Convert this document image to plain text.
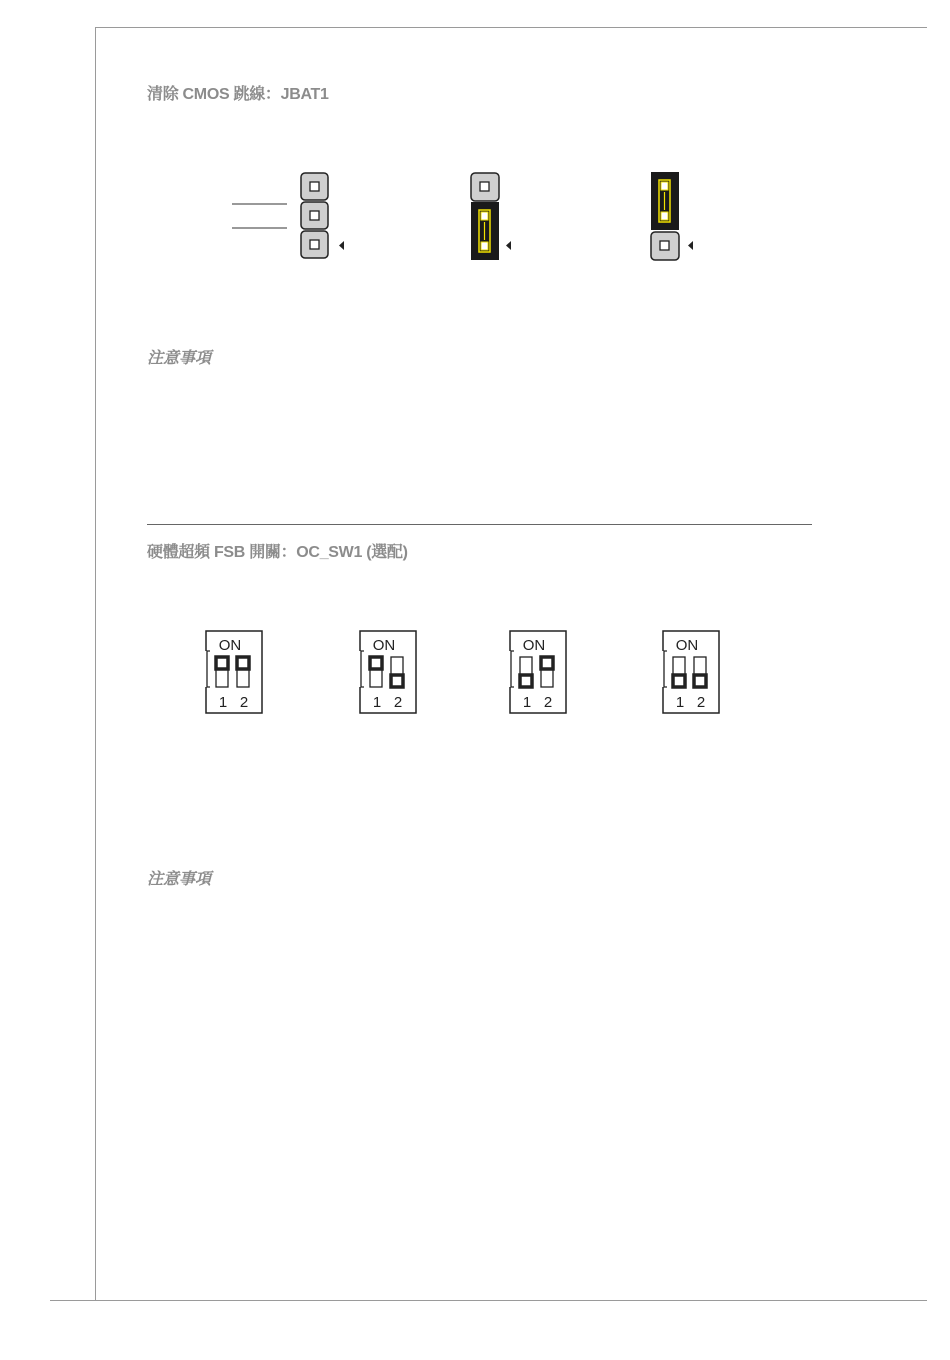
清除 CMOS 跳線：JBAT1
注意事項
硬體超頻 FSB 開關：OC_SW1 (選配)
ON
1 2
ON
1 2
ON
1 2
ON
1 2
注意事項
